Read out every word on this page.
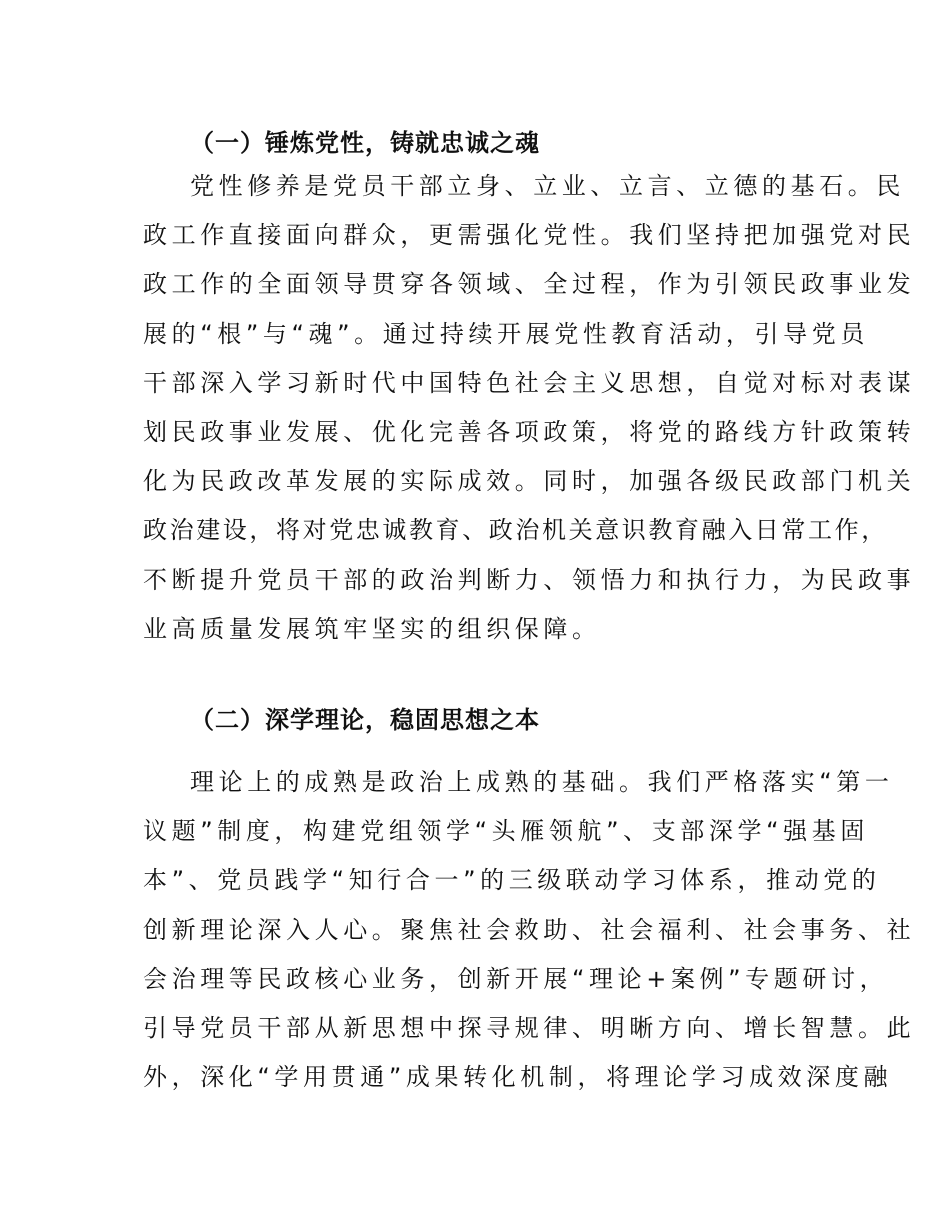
（一）锤炼党性，铸就忠诚之魂
党性修养是党员干部立身、立业、立言、立德的基石。民
政工作直接面向群众，更需强化党性。我们坚持把加强党对民
政工作的全面领导贯穿各领域、全过程，作为引领民政事业发
展的“根”与“魂”。通过持续开展党性教育活动，引导党员
干部深入学习新时代中国特色社会主义思想，自觉对标对表谋
划民政事业发展、优化完善各项政策，将党的路线方针政策转
化为民政改革发展的实际成效。同时，加强各级民政部门机关
政治建设，将对党忠诚教育、政治机关意识教育融入日常工作，
不断提升党员干部的政治判断力、领悟力和执行力，为民政事
业高质量发展筑牢坚实的组织保障。
（二）深学理论，稳固思想之本
理论上的成熟是政治上成熟的基础。我们严格落实“第一
议题”制度，构建党组领学“头雁领航”、支部深学“强基固
本”、党员践学“知行合一”的三级联动学习体系，推动党的
创新理论深入人心。聚焦社会救助、社会福利、社会事务、社
会治理等民政核心业务，创新开展“理论+案例”专题研讨，
引导党员干部从新思想中探寻规律、明晰方向、增长智慧。此
外，深化“学用贯通”成果转化机制，将理论学习成效深度融
